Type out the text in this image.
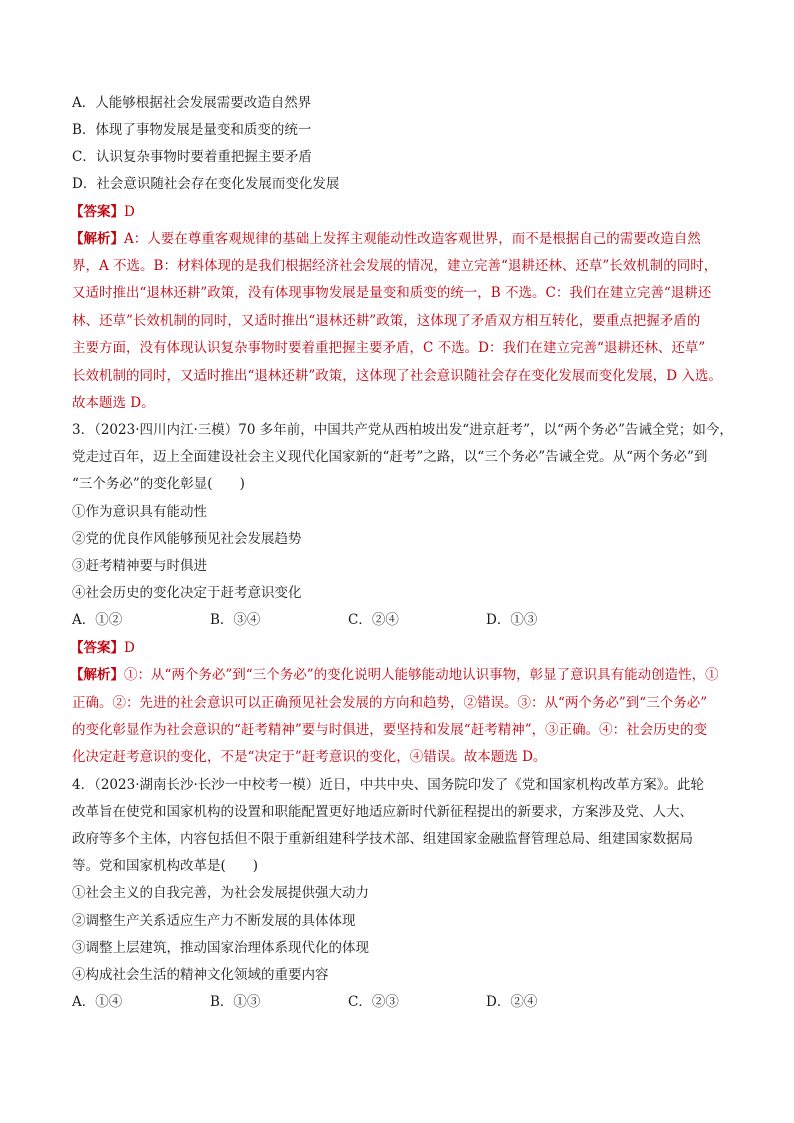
A．人能够根据社会发展需要改造自然界
B．体现了事物发展是量变和质变的统一
C．认识复杂事物时要着重把握主要矛盾
D．社会意识随社会存在变化发展而变化发展
【答案】D
【解析】A：人要在尊重客观规律的基础上发挥主观能动性改造客观世界，而不是根据自己的需要改造自然
界，A 不选。B：材料体现的是我们根据经济社会发展的情况，建立完善“退耕还林、还草”长效机制的同时，
又适时推出“退林还耕”政策，没有体现事物发展是量变和质变的统一，B 不选。C：我们在建立完善“退耕还
林、还草”长效机制的同时，又适时推出“退林还耕”政策，这体现了矛盾双方相互转化，要重点把握矛盾的
主要方面，没有体现认识复杂事物时要着重把握主要矛盾，C 不选。D：我们在建立完善“退耕还林、还草”
长效机制的同时，又适时推出“退林还耕”政策，这体现了社会意识随社会存在变化发展而变化发展，D 入选。
故本题选 D。
3．（2023·四川内江·三模）70 多年前，中国共产党从西柏坡出发“进京赶考”，以“两个务必”告诫全党；如今，
党走过百年，迈上全面建设社会主义现代化国家新的“赶考”之路，以“三个务必”告诫全党。从“两个务必”到
“三个务必”的变化彰显(　　)
①作为意识具有能动性
②党的优良作风能够预见社会发展趋势
③赶考精神要与时俱进
④社会历史的变化决定于赶考意识变化
A．①②	B．③④	C．②④	D．①③
【答案】D
【解析】①：从“两个务必”到“三个务必”的变化说明人能够能动地认识事物，彰显了意识具有能动创造性，①
正确。②：先进的社会意识可以正确预见社会发展的方向和趋势，②错误。③：从“两个务必”到“三个务必”
的变化彰显作为社会意识的“赶考精神”要与时俱进，要坚持和发展“赶考精神”，③正确。④：社会历史的变
化决定赶考意识的变化，不是“决定于”赶考意识的变化，④错误。故本题选 D。
4．（2023·湖南长沙·长沙一中校考一模）近日，中共中央、国务院印发了《党和国家机构改革方案》。此轮
改革旨在使党和国家机构的设置和职能配置更好地适应新时代新征程提出的新要求，方案涉及党、人大、
政府等多个主体，内容包括但不限于重新组建科学技术部、组建国家金融监督管理总局、组建国家数据局
等。党和国家机构改革是(　　)
①社会主义的自我完善，为社会发展提供强大动力
②调整生产关系适应生产力不断发展的具体体现
③调整上层建筑，推动国家治理体系现代化的体现
④构成社会生活的精神文化领域的重要内容
A．①④	B．①③	C．②③	D．②④
